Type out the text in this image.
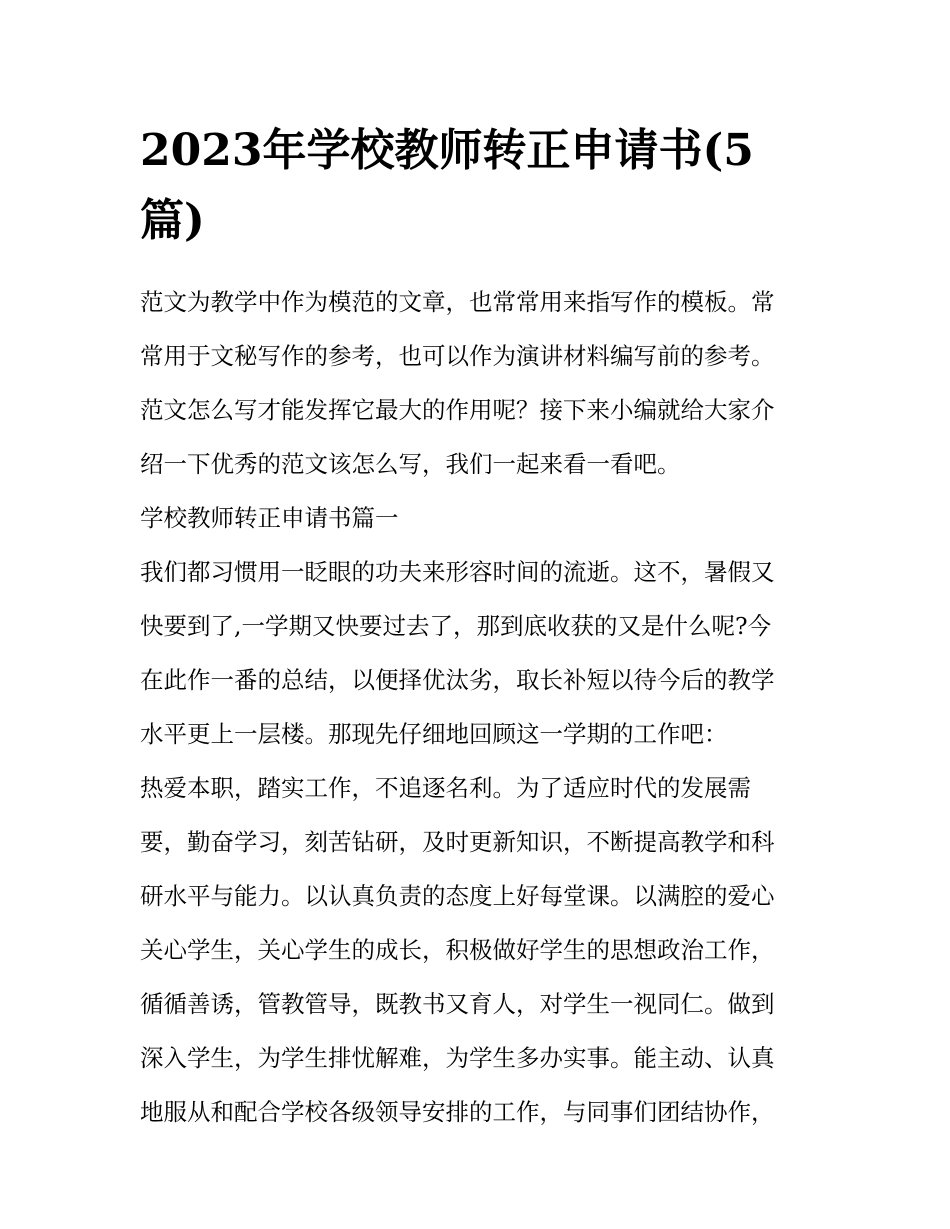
2023年学校教师转正申请书(5
篇)
范文为教学中作为模范的文章，也常常用来指写作的模板。常
常用于文秘写作的参考，也可以作为演讲材料编写前的参考。
范文怎么写才能发挥它最大的作用呢？接下来小编就给大家介
绍一下优秀的范文该怎么写，我们一起来看一看吧。
学校教师转正申请书篇一
我们都习惯用一眨眼的功夫来形容时间的流逝。这不，暑假又
快要到了,一学期又快要过去了，那到底收获的又是什么呢?今
在此作一番的总结，以便择优汰劣，取长补短以待今后的教学
水平更上一层楼。那现先仔细地回顾这一学期的工作吧：
热爱本职，踏实工作，不追逐名利。为了适应时代的发展需
要，勤奋学习，刻苦钻研，及时更新知识，不断提高教学和科
研水平与能力。以认真负责的态度上好每堂课。以满腔的爱心
关心学生，关心学生的成长，积极做好学生的思想政治工作，
循循善诱，管教管导，既教书又育人，对学生一视同仁。做到
深入学生，为学生排忧解难，为学生多办实事。能主动、认真
地服从和配合学校各级领导安排的工作，与同事们团结协作，
